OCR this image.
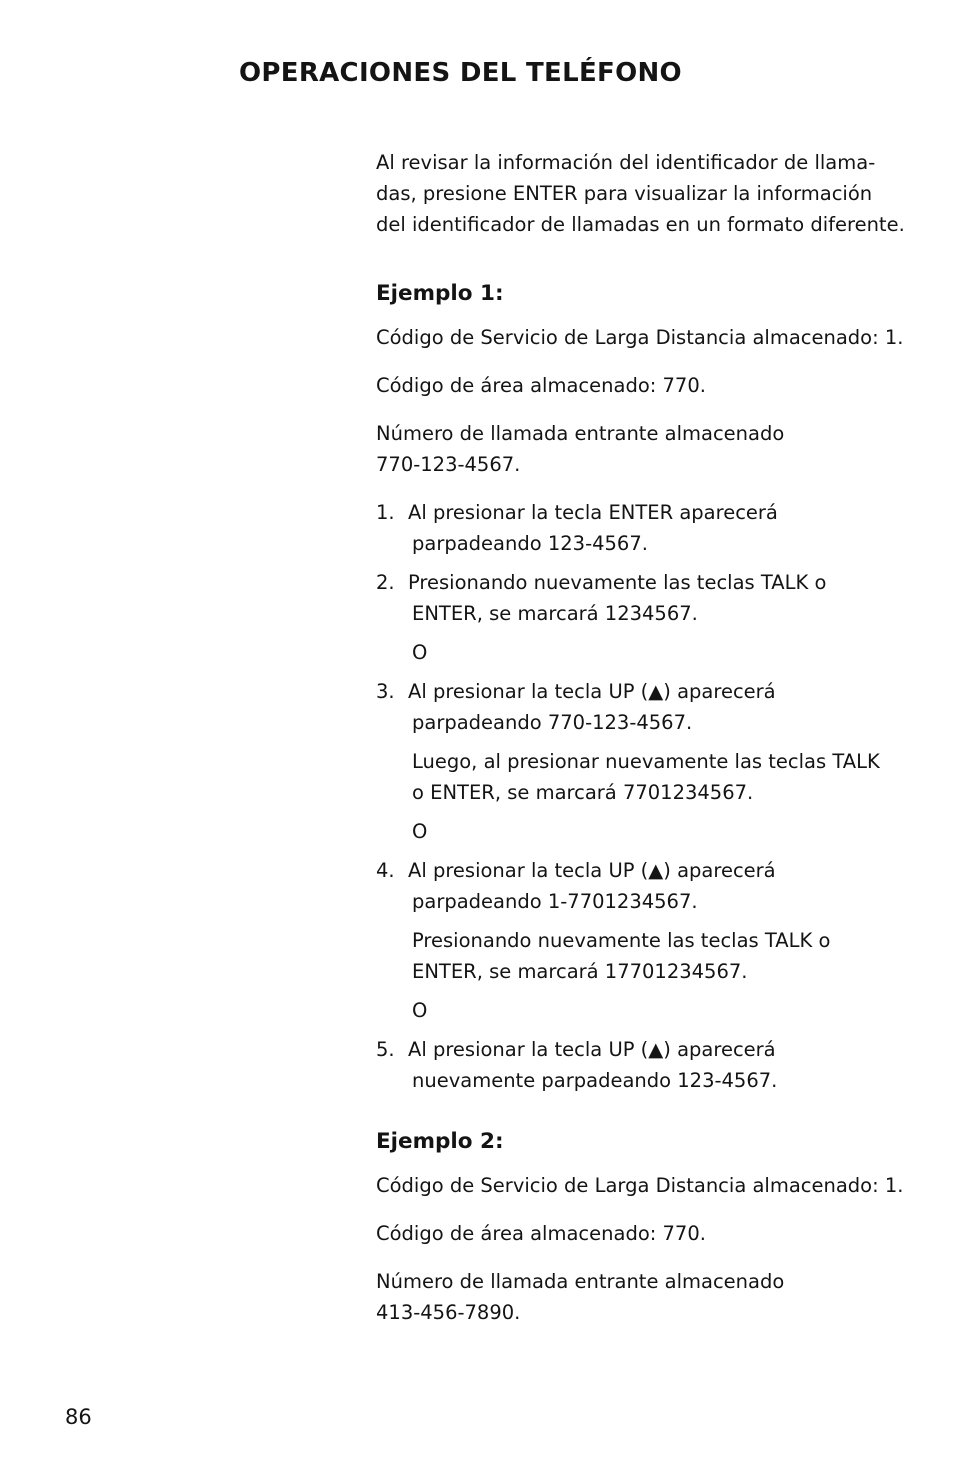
OPERACIONES DEL TELÉFONO
Al revisar la información del identificador de llama-
das, presione ENTER para visualizar la información
del identificador de llamadas en un formato diferente.
Ejemplo 1:
Código de Servicio de Larga Distancia almacenado: 1.
Código de área almacenado: 770.
Número de llamada entrante almacenado
770-123-4567.
1. Al presionar la tecla ENTER aparecerá
parpadeando 123-4567.
2. Presionando nuevamente las teclas TALK o
ENTER, se marcará 1234567.
O
3. Al presionar la tecla UP (▲) aparecerá
parpadeando 770-123-4567.
Luego, al presionar nuevamente las teclas TALK
o ENTER, se marcará 7701234567.
O
4. Al presionar la tecla UP (▲) aparecerá
parpadeando 1-7701234567.
Presionando nuevamente las teclas TALK o
ENTER, se marcará 17701234567.
O
5. Al presionar la tecla UP (▲) aparecerá
nuevamente parpadeando 123-4567.
Ejemplo 2:
Código de Servicio de Larga Distancia almacenado: 1.
Código de área almacenado: 770.
Número de llamada entrante almacenado
413-456-7890.
86
